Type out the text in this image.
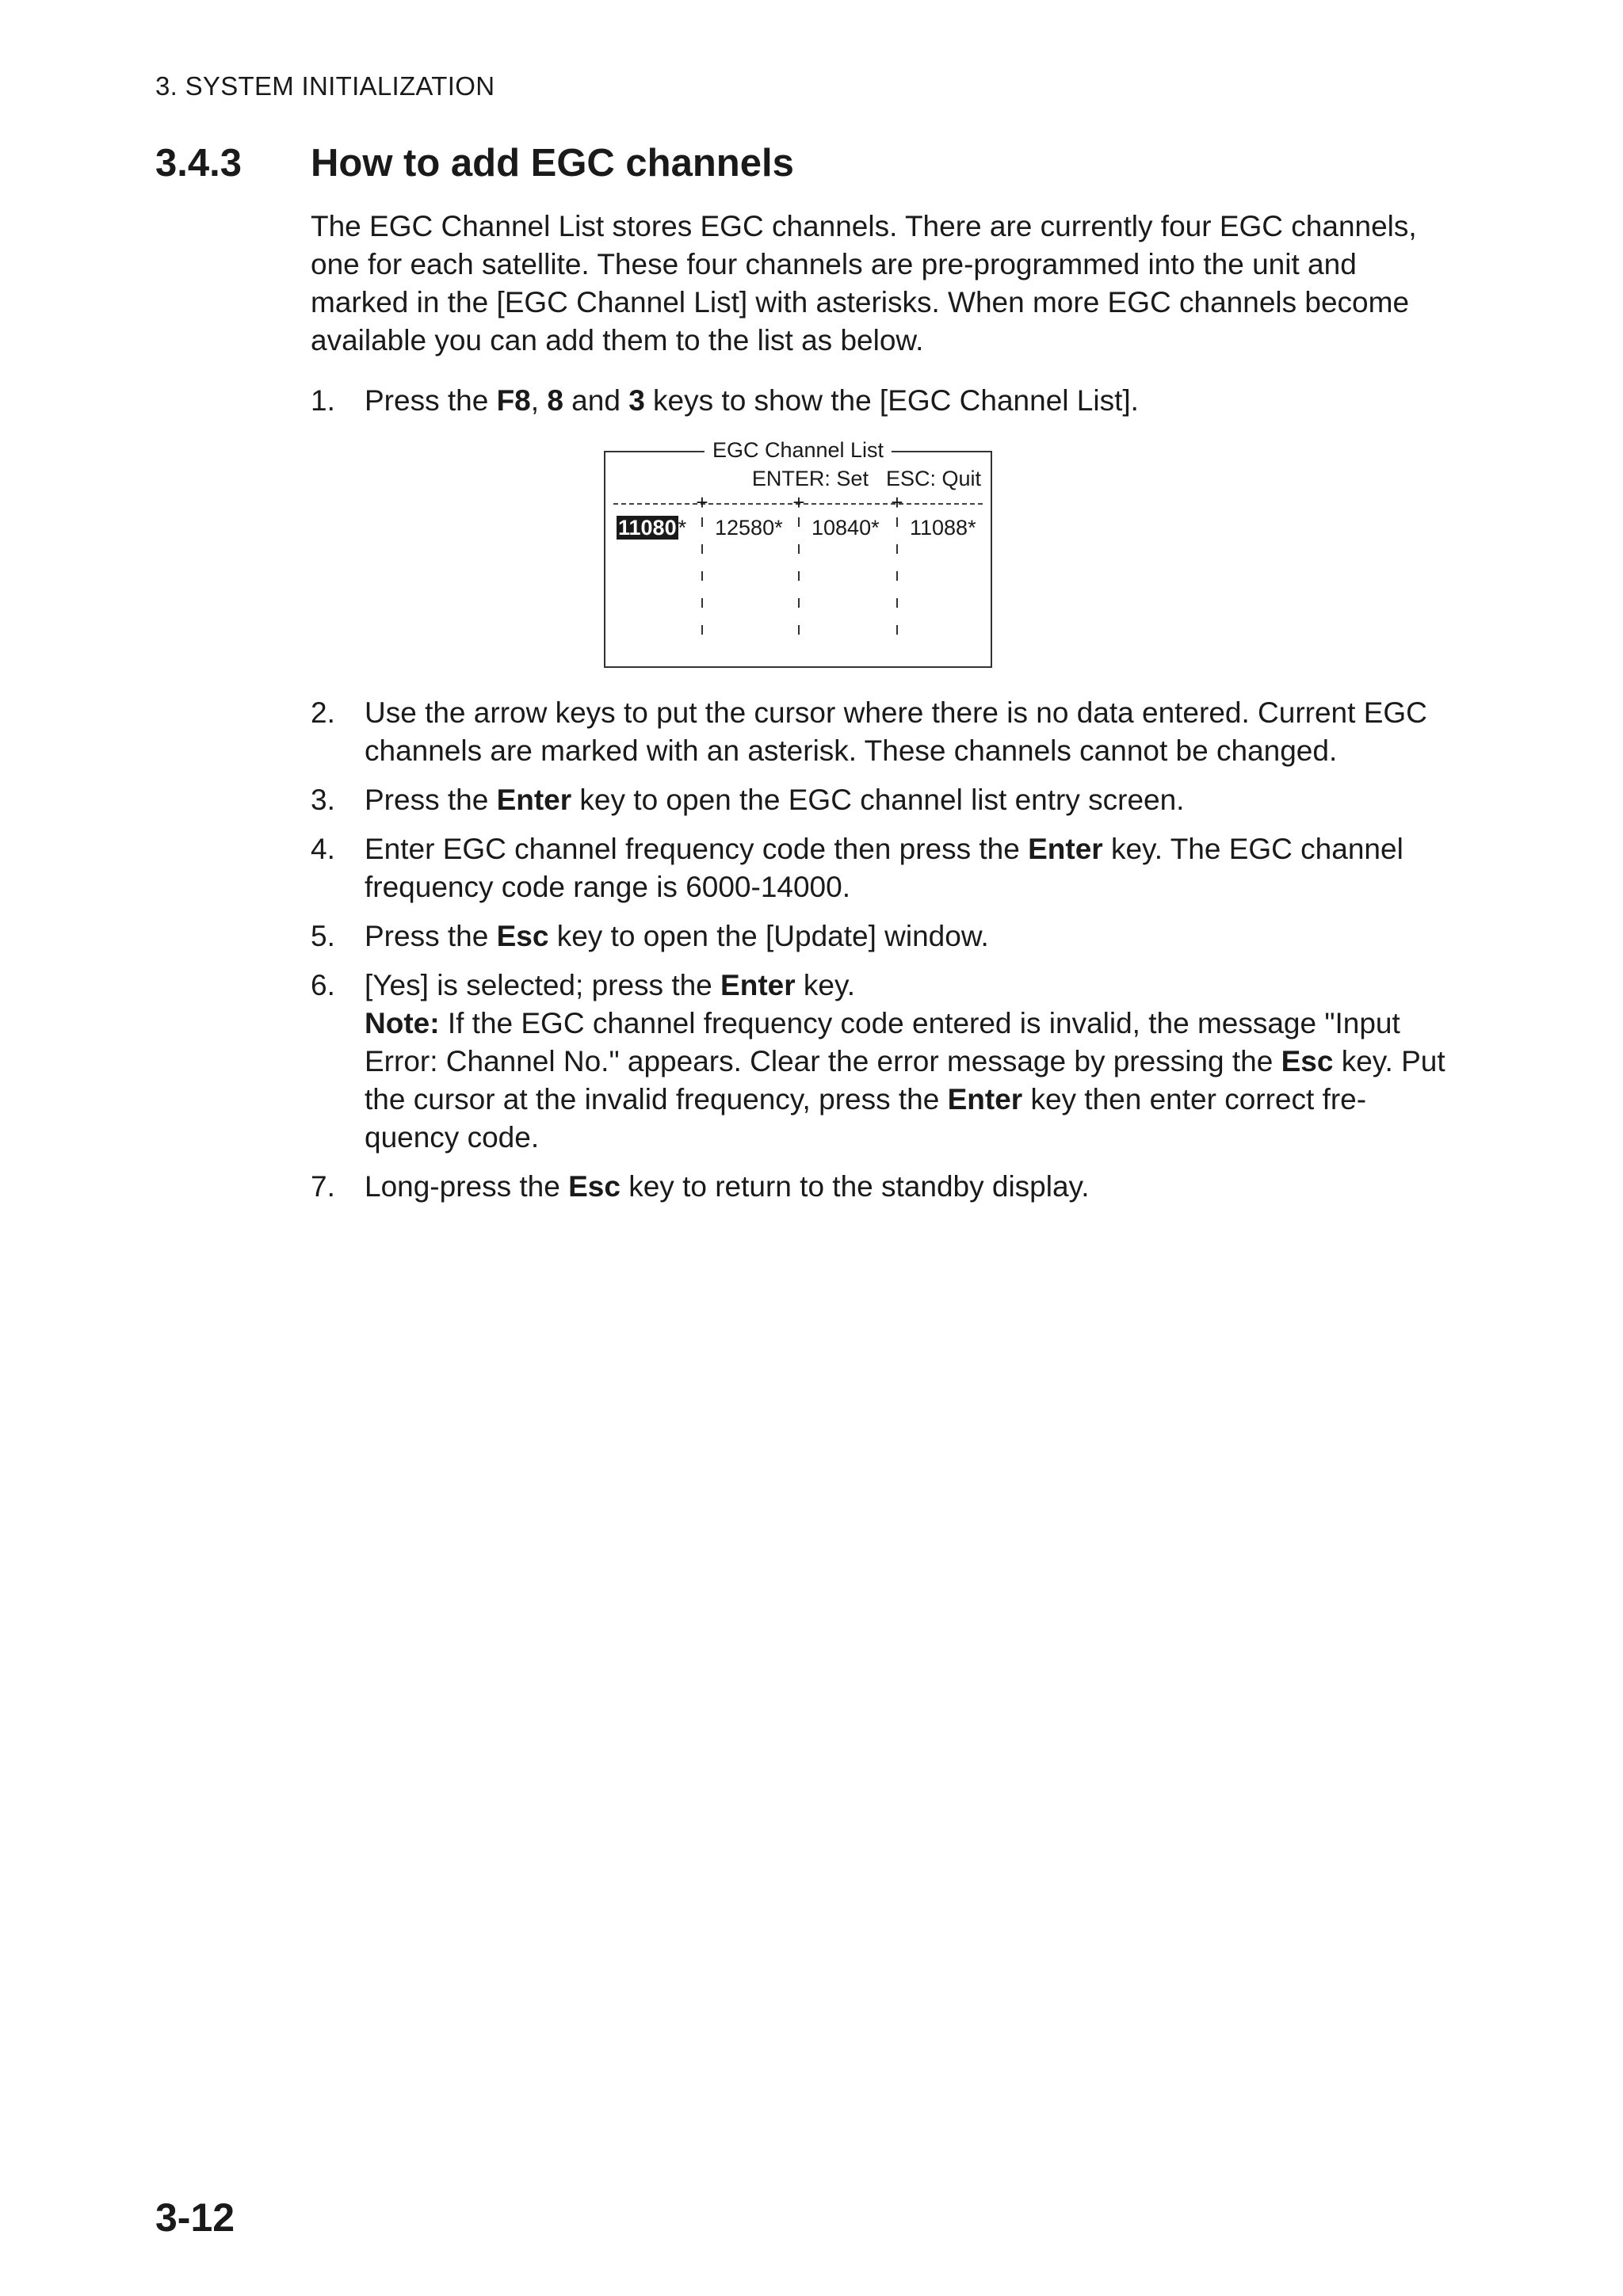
3. SYSTEM INITIALIZATION
3.4.3	How to add EGC channels

The EGC Channel List stores EGC channels. There are currently four EGC channels, one for each satellite. These four channels are pre-programmed into the unit and marked in the [EGC Channel List] with asterisks. When more EGC channels become available you can add them to the list as below.

1. Press the F8, 8 and 3 keys to show the [EGC Channel List].
EGC Channel List
ENTER: Set ESC: Quit
+	+	+
11080* 12580* 10840* 11088*
2. Use the arrow keys to put the cursor where there is no data entered. Current EGC channels are marked with an asterisk. These channels cannot be changed.
3. Press the Enter key to open the EGC channel list entry screen.
4. Enter EGC channel frequency code then press the Enter key. The EGC channel frequency code range is 6000-14000.
5. Press the Esc key to open the [Update] window.
6. [Yes] is selected; press the Enter key.
Note: If the EGC channel frequency code entered is invalid, the message "Input Error: Channel No." appears. Clear the error message by pressing the Esc key. Put the cursor at the invalid frequency, press the Enter key then enter correct fre-quency code.
7. Long-press the Esc key to return to the standby display.
3-12
